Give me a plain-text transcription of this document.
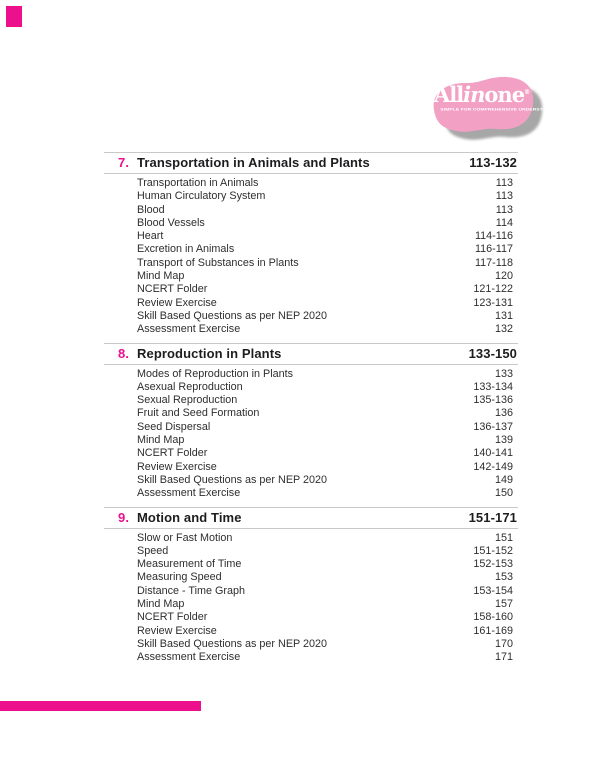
Allinone®
SIMPLE FOR COMPREHENSIVE UNDERSTANDING
7. Transportation in Animals and Plants	113-132
Transportation in Animals	113
Human Circulatory System	113
Blood	113
Blood Vessels	114
Heart	114-116
Excretion in Animals	116-117
Transport of Substances in Plants	117-118
Mind Map	120
NCERT Folder	121-122
Review Exercise	123-131
Skill Based Questions as per NEP 2020	131
Assessment Exercise	132
8. Reproduction in Plants	133-150
Modes of Reproduction in Plants	133
Asexual Reproduction	133-134
Sexual Reproduction	135-136
Fruit and Seed Formation	136
Seed Dispersal	136-137
Mind Map	139
NCERT Folder	140-141
Review Exercise	142-149
Skill Based Questions as per NEP 2020	149
Assessment Exercise	150
9. Motion and Time	151-171
Slow or Fast Motion	151
Speed	151-152
Measurement of Time	152-153
Measuring Speed	153
Distance - Time Graph	153-154
Mind Map	157
NCERT Folder	158-160
Review Exercise	161-169
Skill Based Questions as per NEP 2020	170
Assessment Exercise	171
